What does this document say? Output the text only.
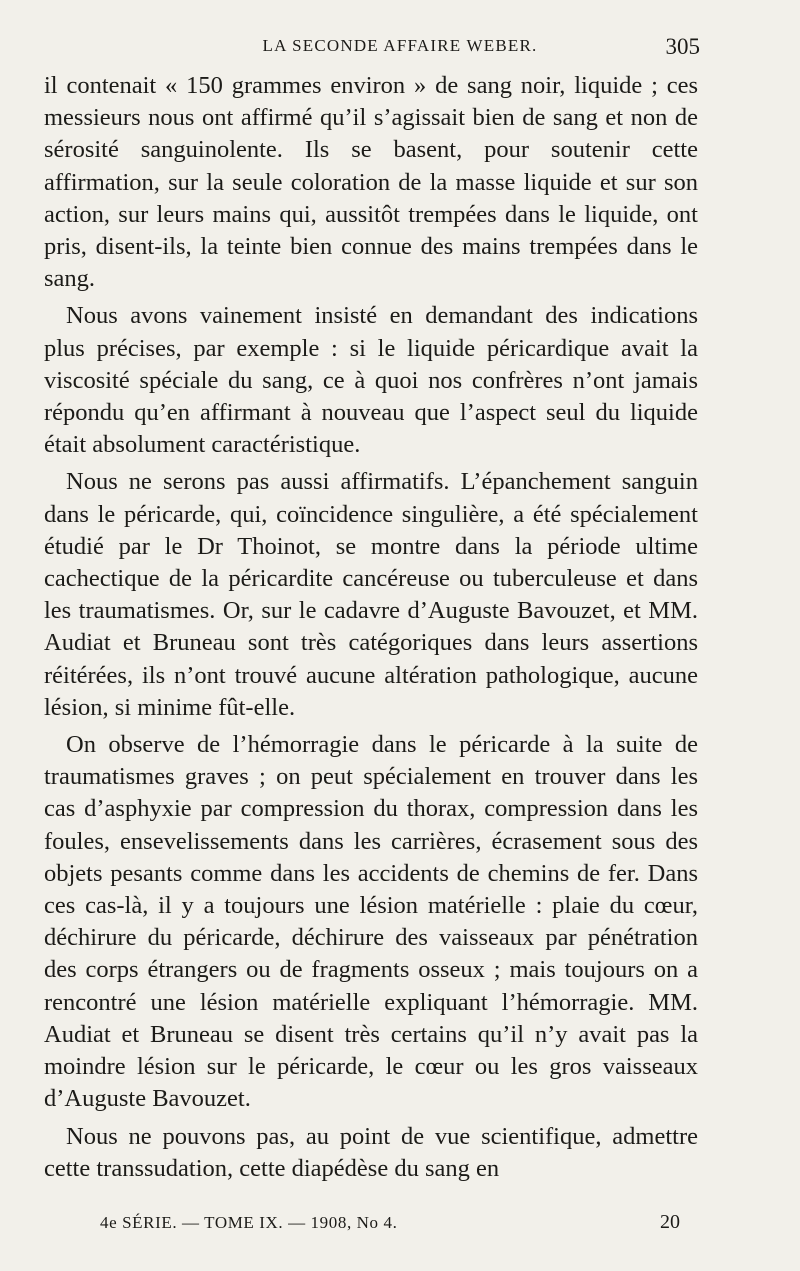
LA SECONDE AFFAIRE WEBER.	305

il contenait « 150 grammes environ » de sang noir, liquide ; ces messieurs nous ont affirmé qu’il s’agissait bien de sang et non de sérosité sanguinolente. Ils se basent, pour soutenir cette affirmation, sur la seule coloration de la masse liquide et sur son action, sur leurs mains qui, aussitôt trempées dans le liquide, ont pris, disent-ils, la teinte bien connue des mains trempées dans le sang.

Nous avons vainement insisté en demandant des indications plus précises, par exemple : si le liquide péricardique avait la viscosité spéciale du sang, ce à quoi nos confrères n’ont jamais répondu qu’en affirmant à nouveau que l’aspect seul du liquide était absolument caractéristique.

Nous ne serons pas aussi affirmatifs. L’épanchement sanguin dans le péricarde, qui, coïncidence singulière, a été spécialement étudié par le Dr Thoinot, se montre dans la période ultime cachectique de la péricardite cancéreuse ou tuberculeuse et dans les traumatismes. Or, sur le cadavre d’Auguste Bavouzet, et MM. Audiat et Bruneau sont très catégoriques dans leurs assertions réitérées, ils n’ont trouvé aucune altération pathologique, aucune lésion, si minime fût-elle.

On observe de l’hémorragie dans le péricarde à la suite de traumatismes graves ; on peut spécialement en trouver dans les cas d’asphyxie par compression du thorax, compression dans les foules, ensevelissements dans les carrières, écrasement sous des objets pesants comme dans les accidents de chemins de fer. Dans ces cas-là, il y a toujours une lésion matérielle : plaie du cœur, déchirure du péricarde, déchirure des vaisseaux par pénétration des corps étrangers ou de fragments osseux ; mais toujours on a rencontré une lésion matérielle expliquant l’hémorragie. MM. Audiat et Bruneau se disent très certains qu’il n’y avait pas la moindre lésion sur le péricarde, le cœur ou les gros vaisseaux d’Auguste Bavouzet.

Nous ne pouvons pas, au point de vue scientifique, admettre cette transsudation, cette diapédèse du sang en

4e SÉRIE. — TOME IX. — 1908, No 4.	20
